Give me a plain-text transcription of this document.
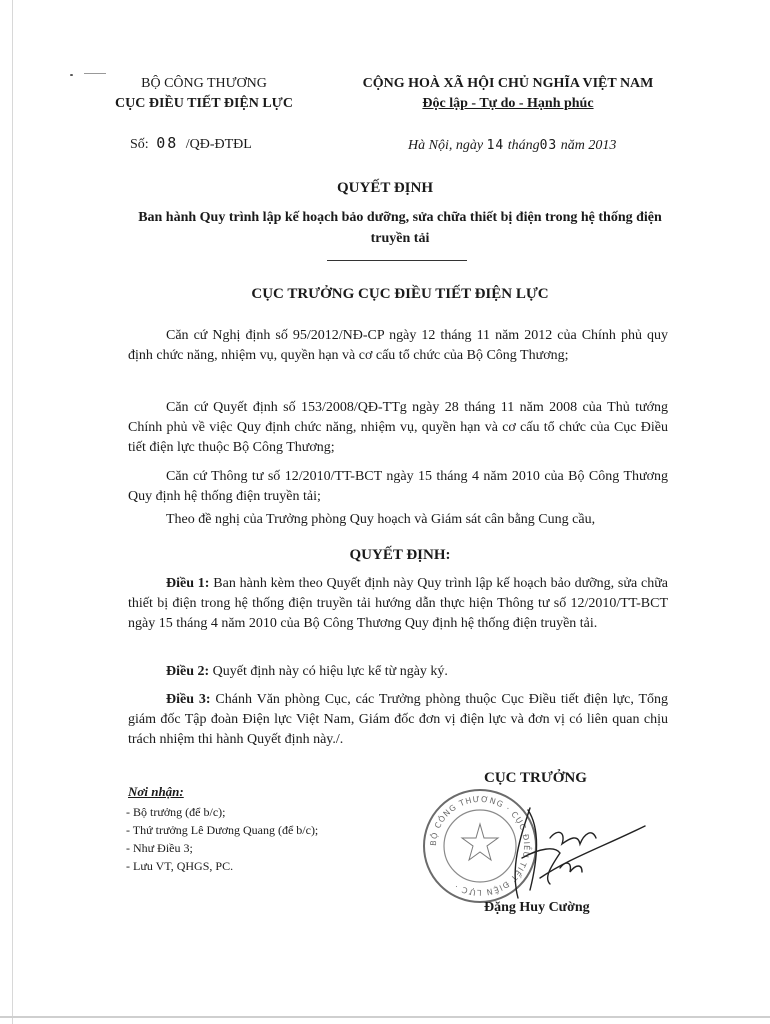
BỘ CÔNG THƯƠNG
CỤC ĐIỀU TIẾT ĐIỆN LỰC
CỘNG HOÀ XÃ HỘI CHỦ NGHĨA VIỆT NAM
Độc lập - Tự do - Hạnh phúc
Số: 08 /QĐ-ĐTĐL	Hà Nội, ngày 14 tháng03 năm 2013
QUYẾT ĐỊNH
Ban hành Quy trình lập kế hoạch bảo dưỡng, sửa chữa thiết bị điện trong hệ thống điện truyền tải
CỤC TRƯỞNG CỤC ĐIỀU TIẾT ĐIỆN LỰC
Căn cứ Nghị định số 95/2012/NĐ-CP ngày 12 tháng 11 năm 2012 của Chính phủ quy định chức năng, nhiệm vụ, quyền hạn và cơ cấu tổ chức của Bộ Công Thương;
Căn cứ Quyết định số 153/2008/QĐ-TTg ngày 28 tháng 11 năm 2008 của Thủ tướng Chính phủ về việc Quy định chức năng, nhiệm vụ, quyền hạn và cơ cấu tổ chức của Cục Điều tiết điện lực thuộc Bộ Công Thương;
Căn cứ Thông tư số 12/2010/TT-BCT ngày 15 tháng 4 năm 2010 của Bộ Công Thương Quy định hệ thống điện truyền tải;
Theo đề nghị của Trưởng phòng Quy hoạch và Giám sát cân bằng Cung cầu,
QUYẾT ĐỊNH:
Điều 1: Ban hành kèm theo Quyết định này Quy trình lập kế hoạch bảo dưỡng, sửa chữa thiết bị điện trong hệ thống điện truyền tải hướng dẫn thực hiện Thông tư số 12/2010/TT-BCT ngày 15 tháng 4 năm 2010 của Bộ Công Thương Quy định hệ thống điện truyền tải.
Điều 2: Quyết định này có hiệu lực kể từ ngày ký.
Điều 3: Chánh Văn phòng Cục, các Trưởng phòng thuộc Cục Điều tiết điện lực, Tổng giám đốc Tập đoàn Điện lực Việt Nam, Giám đốc đơn vị điện lực và đơn vị có liên quan chịu trách nhiệm thi hành Quyết định này./.
Nơi nhận:
- Bộ trưởng (để b/c);
- Thứ trưởng Lê Dương Quang (để b/c);
- Như Điều 3;
- Lưu VT, QHGS, PC.
CỤC TRƯỞNG
BỘ CÔNG THƯƠNG · CỤC ĐIỀU TIẾT ĐIỆN LỰC ·
Đặng Huy Cường
